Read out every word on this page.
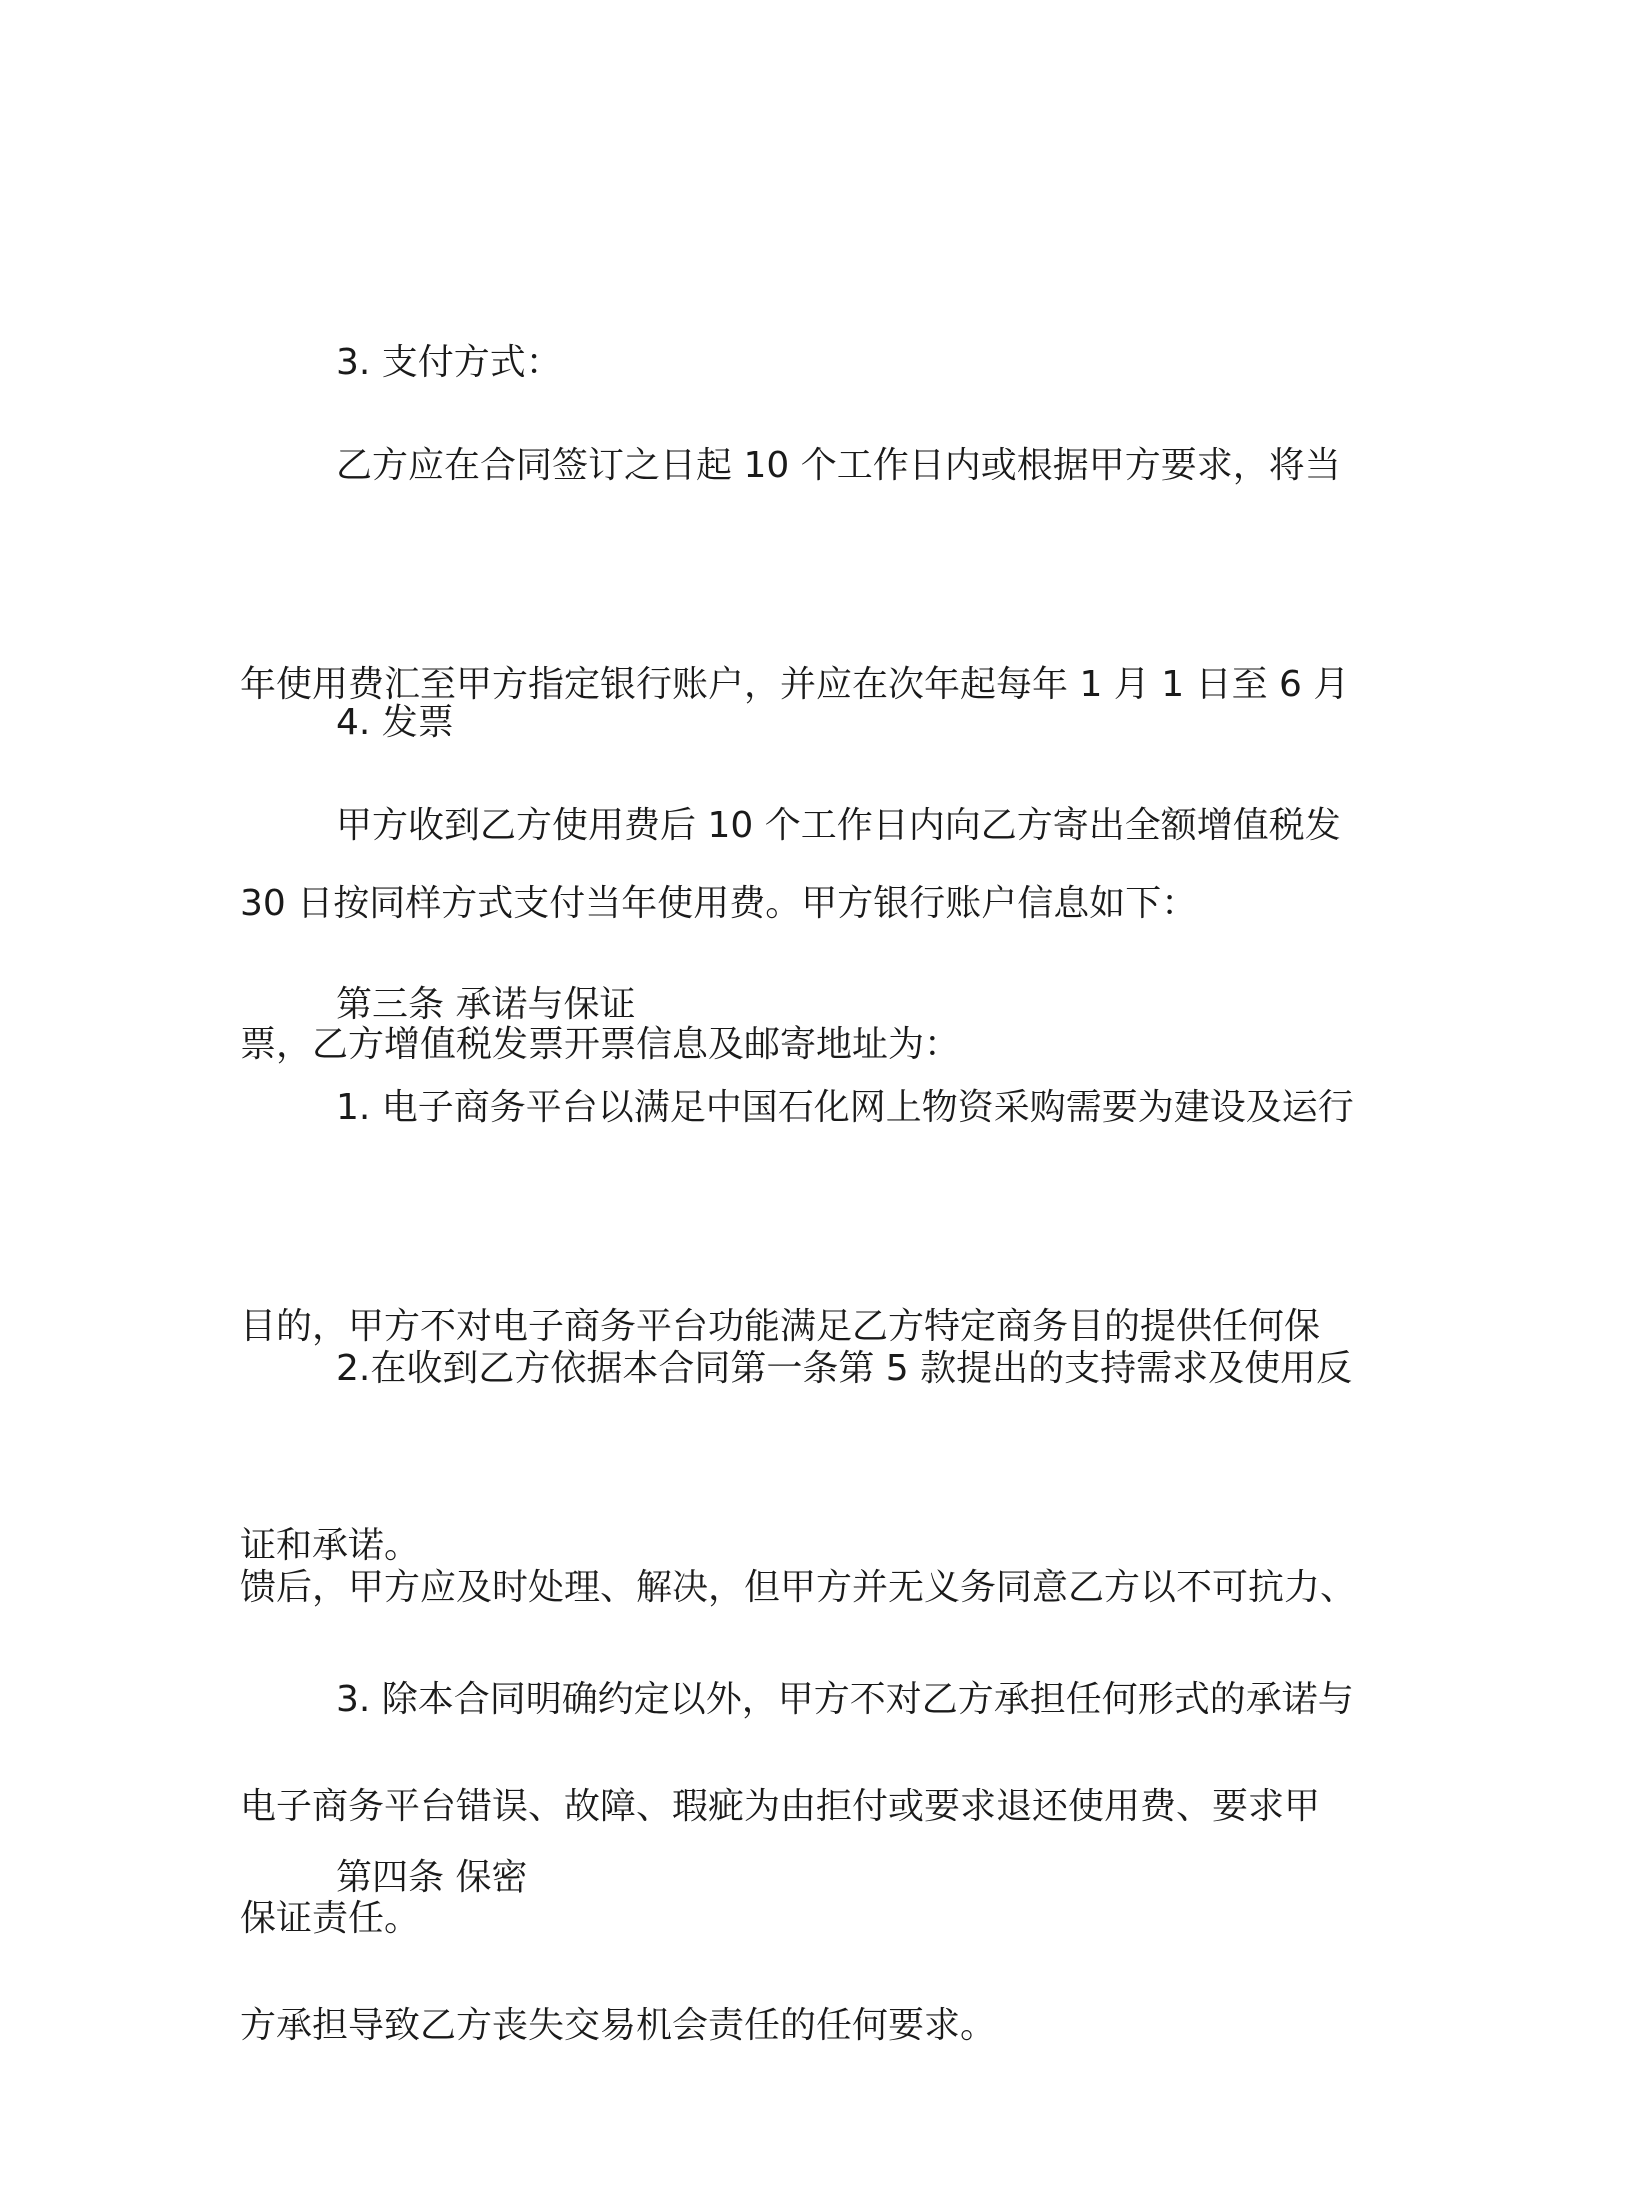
3. 支付方式：

乙方应在合同签订之日起 10 个工作日内或根据甲方要求，将当

年使用费汇至甲方指定银行账户，并应在次年起每年 1 月 1 日至 6 月

30 日按同样方式支付当年使用费。甲方银行账户信息如下：

4. 发票

甲方收到乙方使用费后 10 个工作日内向乙方寄出全额增值税发

票，乙方增值税发票开票信息及邮寄地址为：

第三条 承诺与保证

1. 电子商务平台以满足中国石化网上物资采购需要为建设及运行

目的，甲方不对电子商务平台功能满足乙方特定商务目的提供任何保

证和承诺。

2.在收到乙方依据本合同第一条第 5 款提出的支持需求及使用反

馈后，甲方应及时处理、解决，但甲方并无义务同意乙方以不可抗力、

电子商务平台错误、故障、瑕疵为由拒付或要求退还使用费、要求甲

方承担导致乙方丧失交易机会责任的任何要求。

3. 除本合同明确约定以外，甲方不对乙方承担任何形式的承诺与

保证责任。

第四条 保密
